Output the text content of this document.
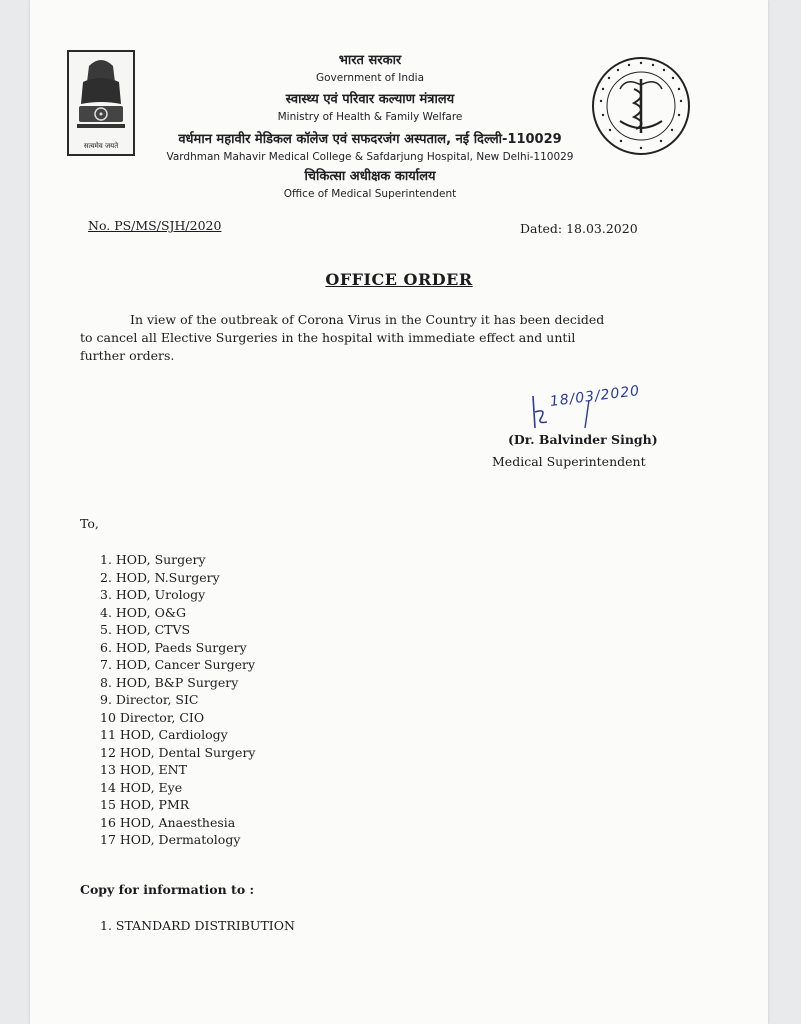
सत्यमेव जयते
भारत सरकार
Government of India
स्वास्थ्य एवं परिवार कल्याण मंत्रालय
Ministry of Health & Family Welfare
वर्धमान महावीर मेडिकल कॉलेज एवं सफदरजंग अस्पताल, नई दिल्ली-110029
Vardhman Mahavir Medical College & Safdarjung Hospital, New Delhi-110029
चिकित्सा अधीक्षक कार्यालय
Office of Medical Superintendent
No. PS/MS/SJH/2020	Dated: 18.03.2020
OFFICE ORDER
In view of the outbreak of Corona Virus in the Country it has been decided
to cancel all Elective Surgeries in the hospital with immediate effect and until
further orders.
18/03/2020
(Dr. Balvinder Singh)
Medical Superintendent
To,
1. HOD, Surgery
2. HOD, N.Surgery
3. HOD, Urology
4. HOD, O&G
5. HOD, CTVS
6. HOD, Paeds Surgery
7. HOD, Cancer Surgery
8. HOD, B&P Surgery
9. Director, SIC
10 Director, CIO
11 HOD, Cardiology
12 HOD, Dental Surgery
13 HOD, ENT
14 HOD, Eye
15 HOD, PMR
16 HOD, Anaesthesia
17 HOD, Dermatology
Copy for information to :
1. STANDARD DISTRIBUTION
